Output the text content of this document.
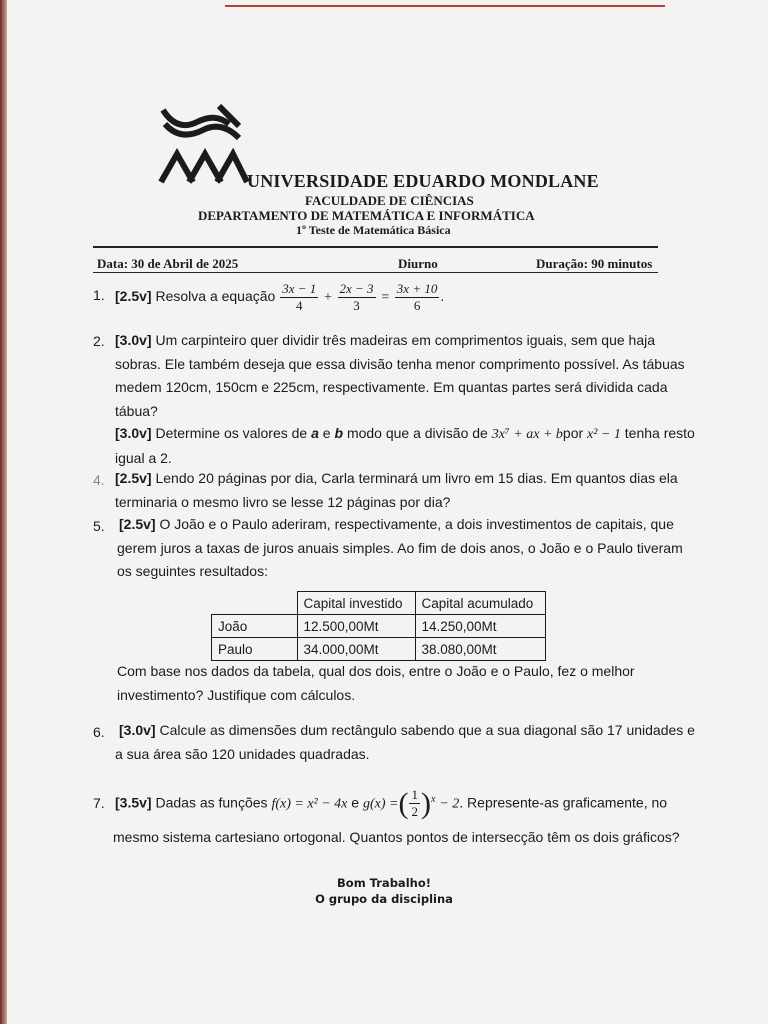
UNIVERSIDADE EDUARDO MONDLANE
FACULDADE DE CIÊNCIAS
DEPARTAMENTO DE MATEMÁTICA E INFORMÁTICA
1º Teste de Matemática Básica
Data: 30 de Abril de 2025	Diurno	Duração: 90 minutos
1. [2.5v] Resolva a equação $\frac{3x - 1}{4} + \frac{2x - 3}{3} = \frac{3x + 10}{6}$ .
2. [3.0v] Um carpinteiro quer dividir três madeiras em comprimentos iguais, sem que haja
sobras. Ele também deseja que essa divisão tenha menor comprimento possível. As tábuas
medem 120cm, 150cm e 225cm, respectivamente. Em quantas partes será dividida cada
tábua?
[3.0v] Determine os valores de a e b modo que a divisão de 3x⁷ + ax + bpor x² − 1 tenha resto
igual a 2.
4. [2.5v] Lendo 20 páginas por dia, Carla terminará um livro em 15 dias. Em quantos dias ela
terminaria o mesmo livro se lesse 12 páginas por dia?
5. [2.5v] O João e o Paulo aderiram, respectivamente, a dois investimentos de capitais, que
gerem juros a taxas de juros anuais simples. Ao fim de dois anos, o João e o Paulo tiveram
os seguintes resultados:
	Capital investido	Capital acumulado
João	12.500,00Mt	14.250,00Mt
Paulo	34.000,00Mt	38.080,00Mt
Com base nos dados da tabela, qual dos dois, entre o João e o Paulo, fez o melhor
investimento? Justifique com cálculos.
6. [3.0v] Calcule as dimensões dum rectângulo sabendo que a sua diagonal são 17 unidades e
a sua área são 120 unidades quadradas.
7. [3.5v] Dadas as funções f(x) = x² − 4x e g(x) =( $\frac{1}{2} )^x - 2$. Represente-as graficamente, no
mesmo sistema cartesiano ortogonal. Quantos pontos de intersecção têm os dois gráficos?
Bom Trabalho!
O grupo da disciplina
